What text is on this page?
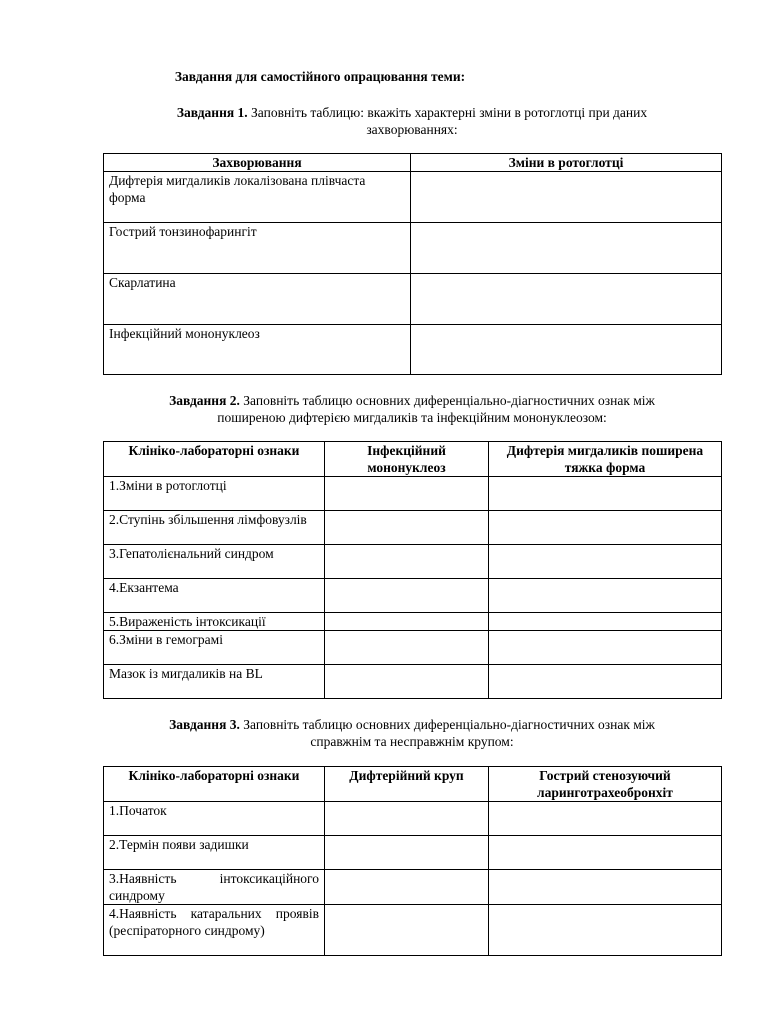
Завдання для самостійного опрацювання теми:
Завдання 1. Заповніть таблицю: вкажіть характерні зміни в ротоглотці при даних
захворюваннях:
Захворювання	Зміни в ротоглотці
Дифтерія мигдаликів локалізована плівчаста форма	
Гострий тонзинофарингіт	
Скарлатина	
Інфекційний мононуклеоз	
Завдання 2. Заповніть таблицю основних диференціально-діагностичних ознак між
поширеною дифтерією мигдаликів та інфекційним мононуклеозом:
Клініко-лабораторні ознаки	Інфекційний мононуклеоз	Дифтерія мигдаликів поширена тяжка форма
1.Зміни в ротоглотці		
2.Ступінь збільшення лімфовузлів		
3.Гепатолієнальний синдром		
4.Екзантема		
5.Вираженість інтоксикації		
6.Зміни в гемограмі		
Мазок із мигдаликів на BL		
Завдання 3. Заповніть таблицю основних диференціально-діагностичних ознак між
справжнім та несправжнім крупом:
Клініко-лабораторні ознаки	Дифтерійний круп	Гострий стенозуючий ларинготрахеобронхіт
1.Початок		
2.Термін появи задишки		
3.Наявність інтоксикаційного синдрому		
4.Наявність катаральних проявів (респіраторного синдрому)		
